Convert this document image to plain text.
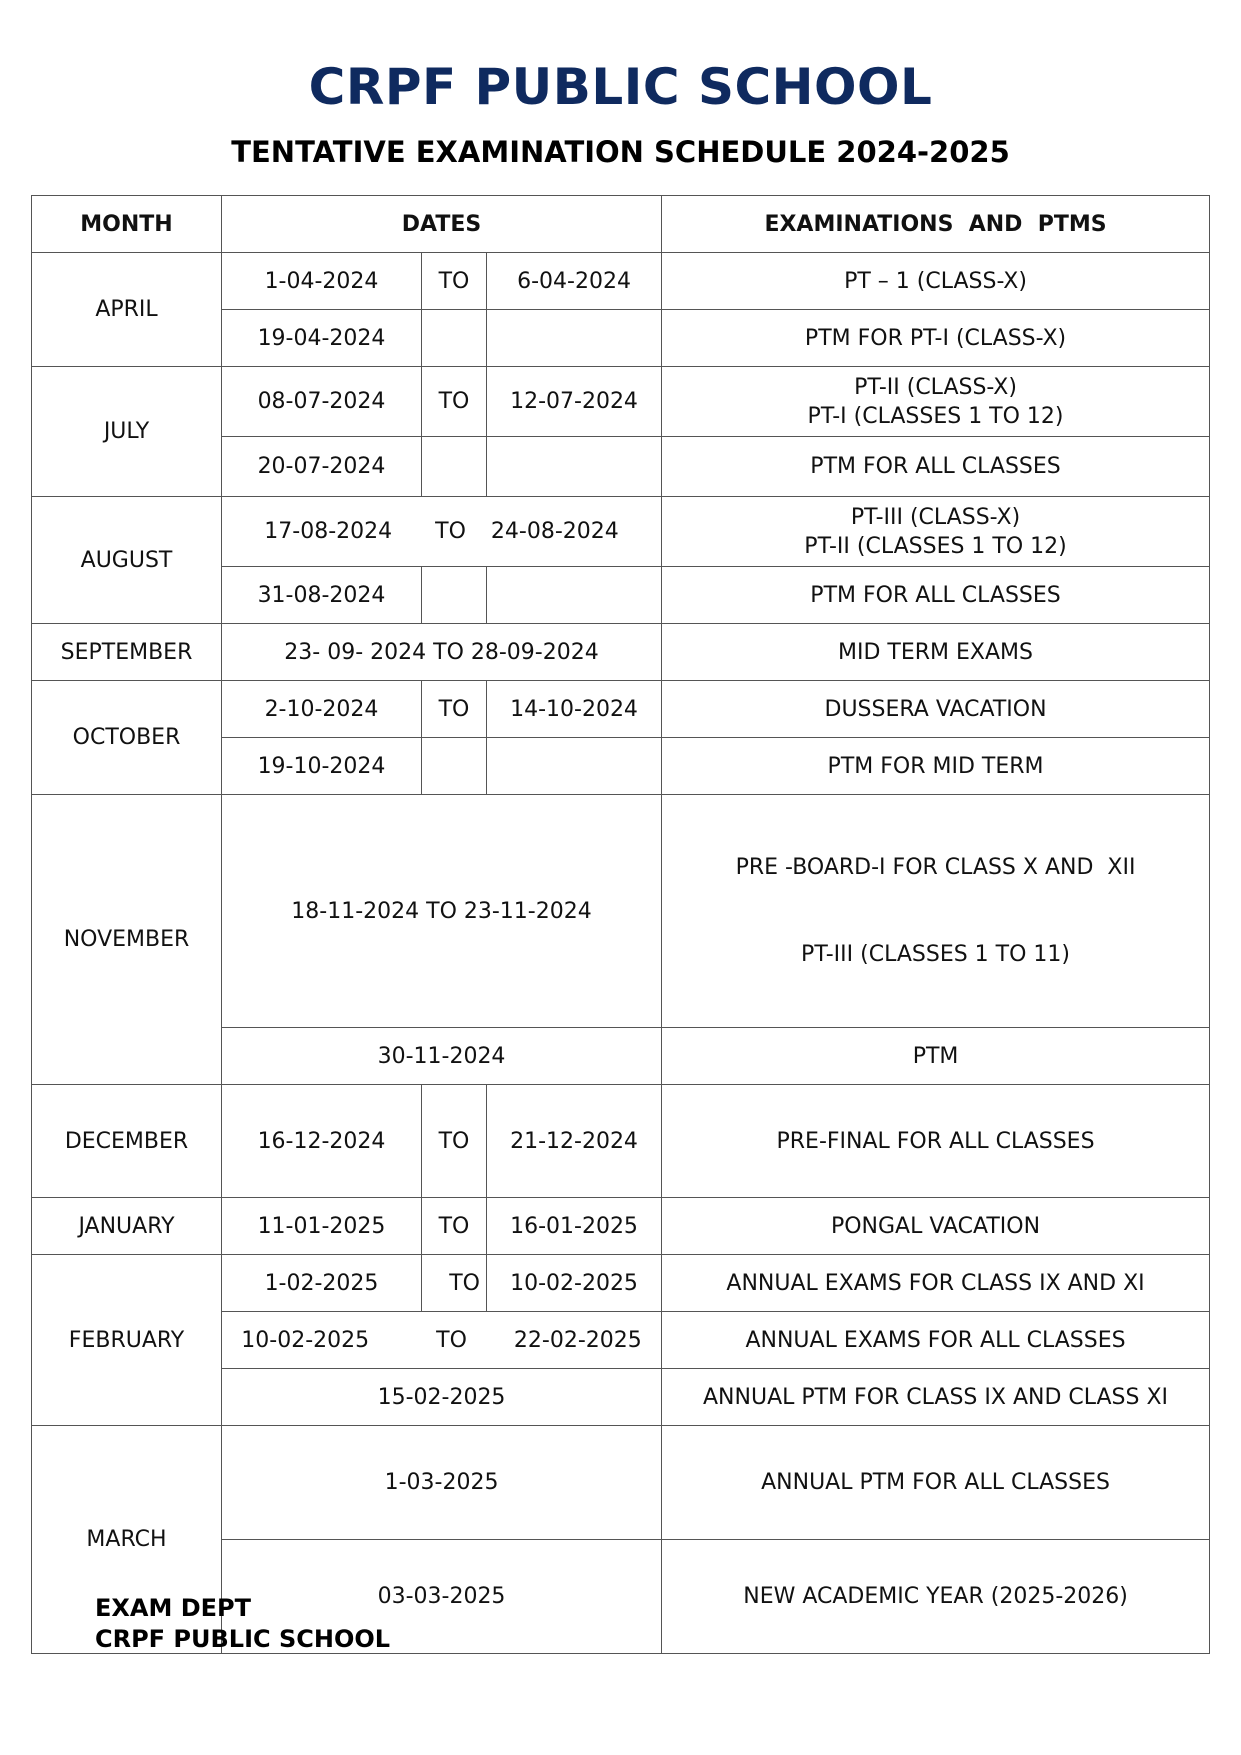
CRPF PUBLIC SCHOOL
TENTATIVE EXAMINATION SCHEDULE 2024-2025
MONTH	DATES			EXAMINATIONS  AND  PTMS
APRIL	1-04-2024	TO	6-04-2024	PT – 1 (CLASS-X)
	19-04-2024			PTM FOR PT-I (CLASS-X)
JULY	08-07-2024	TO	12-07-2024	PT-II (CLASS-X)
PT-I (CLASSES 1 TO 12)

	20-07-2024			PTM FOR ALL CLASSES
AUGUST	17-08-2024 TO 24-08-2024			PT-III (CLASS-X)
PT-II (CLASSES 1 TO 12)

	31-08-2024			PTM FOR ALL CLASSES
SEPTEMBER	23- 09- 2024 TO 28-09-2024			MID TERM EXAMS
OCTOBER	2-10-2024	TO	14-10-2024	DUSSERA VACATION
	19-10-2024			PTM FOR MID TERM
NOVEMBER	18-11-2024 TO 23-11-2024			PRE -BOARD-I FOR CLASS X AND  XII

PT-III (CLASSES 1 TO 11)

	30-11-2024			PTM
DECEMBER	16-12-2024	TO	21-12-2024	PRE-FINAL FOR ALL CLASSES
JANUARY	11-01-2025	TO	16-01-2025	PONGAL VACATION
FEBRUARY	1-02-2025	TO	10-02-2025	ANNUAL EXAMS FOR CLASS IX AND XI
	10-02-2025 TO 22-02-2025			ANNUAL EXAMS FOR ALL CLASSES
	15-02-2025			ANNUAL PTM FOR CLASS IX AND CLASS XI
MARCH	1-03-2025			ANNUAL PTM FOR ALL CLASSES
	03-03-2025			NEW ACADEMIC YEAR (2025-2026)
EXAM DEPT
CRPF PUBLIC SCHOOL
